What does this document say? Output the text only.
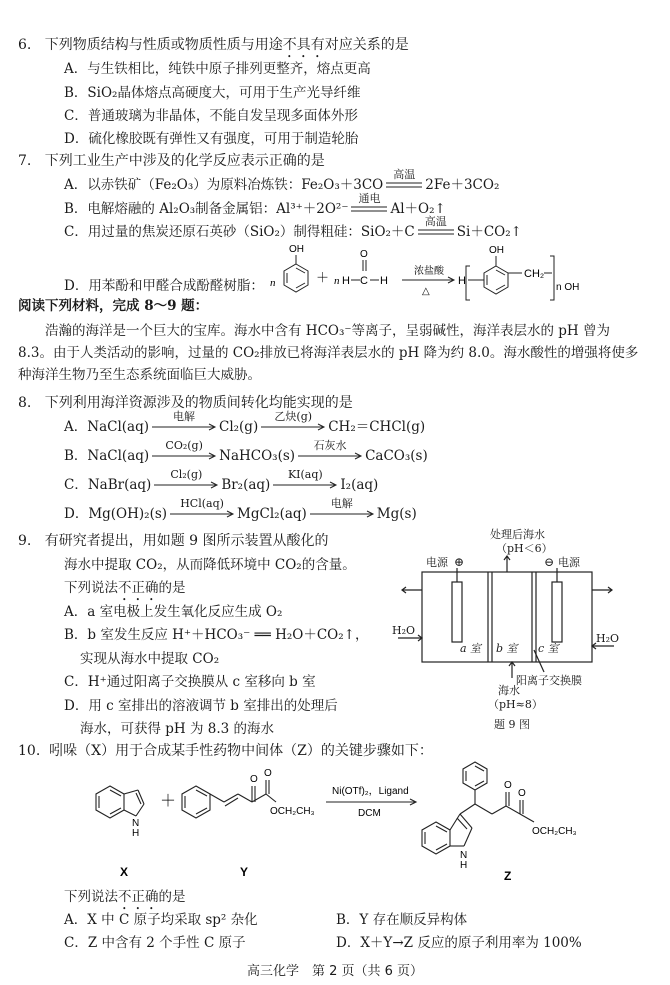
6. 下列物质结构与性质或物质性质与用途不具有对应关系的是
A．与生铁相比，纯铁中原子排列更整齐，熔点更高
B．SiO₂晶体熔点高硬度大，可用于生产光导纤维
C．普通玻璃为非晶体，不能自发呈现多面体外形
D．硫化橡胶既有弹性又有强度，可用于制造轮胎
7. 下列工业生产中涉及的化学反应表示正确的是
A．以赤铁矿（Fe₂O₃）为原料冶炼铁：Fe₂O₃＋3CO
高温
2Fe＋3CO₂
B．电解熔融的 Al₂O₃制备金属铝：Al³⁺＋2O²⁻
通电
Al＋O₂↑
C．用过量的焦炭还原石英砂（SiO₂）制得粗硅：SiO₂＋C
高温
Si＋CO₂↑
D．用苯酚和甲醛合成酚醛树脂： n
OH
＋ n H C H
O
浓盐酸
△
H
OH
CH₂
n OH
阅读下列材料，完成 8～9 题：
浩瀚的海洋是一个巨大的宝库。海水中含有 HCO₃⁻等离子，呈弱碱性，海洋表层水的 pH 曾为 8.3。由于人类活动的影响，过量的 CO₂排放已将海洋表层水的 pH 降为约 8.0。海水酸性的增强将使多种海洋生物乃至生态系统面临巨大威胁。
8. 下列利用海洋资源涉及的物质间转化均能实现的是
A． NaCl(aq)
电解
Cl₂(g)
乙炔(g)
CH₂＝CHCl(g)
B． NaCl(aq)
CO₂(g)
NaHCO₃(s)
石灰水
CaCO₃(s)
C． NaBr(aq)
Cl₂(g)
Br₂(aq)
KI(aq)
I₂(aq)
D． Mg(OH)₂(s)
HCl(aq)
MgCl₂(aq)
电解
Mg(s)
9. 有研究者提出，用如题 9 图所示装置从酸化的
海水中提取 CO₂，从而降低环境中 CO₂的含量。
下列说法不正确的是
A．a 室电极上发生氧化反应生成 O₂
B．b 室发生反应 H⁺＋HCO₃⁻ ══ H₂O＋CO₂↑，
实现从海水中提取 CO₂
C．H⁺通过阳离子交换膜从 c 室移向 b 室
D．用 c 室排出的溶液调节 b 室排出的处理后
海水，可获得 pH 为 8.3 的海水
处理后海水
（pH＜6）
电源 ⊕	⊖ 电源
H₂O
H₂O
a 室 b 室 c 室
阳离子交换膜
海水
（pH≈8）
题 9 图
10. 吲哚（X）用于合成某手性药物中间体（Z）的关键步骤如下：
N
H
＋
O
O
OCH₂CH₃
Ni(OTf)₂，Ligand
DCM
O
O
OCH₂CH₃
N
H
X	Y	Z
下列说法不正确的是
A．X 中 C 原子均采取 sp² 杂化	B．Y 存在顺反异构体
C．Z 中含有 2 个手性 C 原子	D．X＋Y→Z 反应的原子利用率为 100%
高三化学　第 2 页（共 6 页）
